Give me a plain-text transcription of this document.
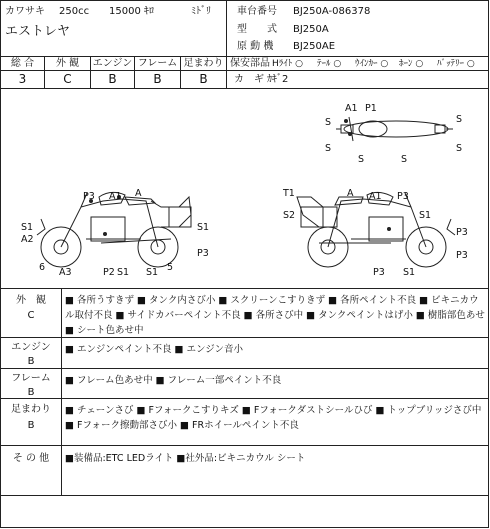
カワサキ 250cc 15000 ｷﾛ	ﾐﾄﾞﾘ
エストレヤ
車台番号 BJ250A-086378
型　　式	BJ250A
原 動 機 BJ250AE
総 合	外 観	エンジン フレーム 足まわり
3	C	B	B	B
保安部品 Hﾗｲﾄ ○ ﾃｰﾙ ○ ｳｲﾝｶｰ ○ ﾎｰﾝ ○ ﾊﾞｯﾃﾘｰ ○
カ　ギ ｶｷﾞ2
A1 P1
S	S
S
S	S
S
P3 A1 A
S1
A2
S1
P3
6 A3	P2 S1 S1 5
T1	A A1 P3
S2	S1
P3
P3
P3 S1
外　観
C
■ 各所うすきず ■ タンク内さび小 ■ スクリーンこすりきず ■ 各所ペイント不良 ■ ビキニカウル取付不良 ■ サイドカバーペイント不良 ■ 各所さび中 ■ タンクペイントはげ小 ■ 樹脂部色あせ ■ シート色あせ中
エンジン
B
■ エンジンペイント不良 ■ エンジン音小
フレーム
B
■ フレーム色あせ中 ■ フレーム一部ペイント不良
足まわり
B
■ チェーンさび ■ Fフォークこすりキズ ■ Fフォークダストシールひび ■ トップブリッジさび中 ■ Fフォーク擦動部さび小 ■ FRホイールペイント不良
そ の 他	■装備品:ETC LEDライト ■社外品:ビキニカウル シート
